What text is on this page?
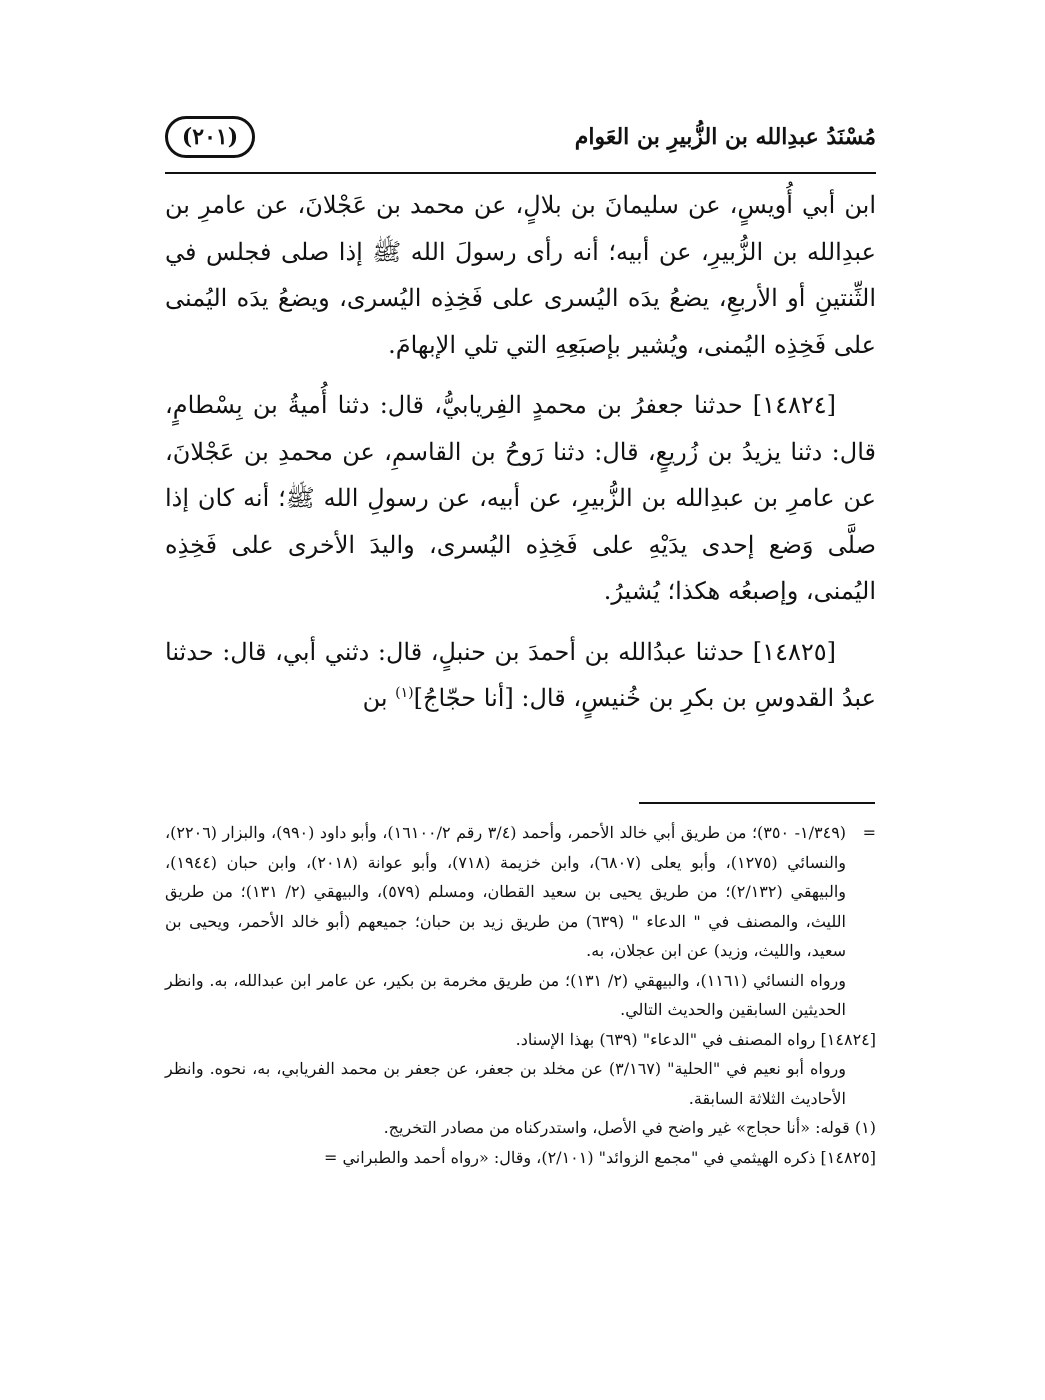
مُسْنَدُ عبدِالله بن الزُّبيرِ بن العَوام
(٢٠١)

ابن أبي أُويسٍ، عن سليمانَ بن بلالٍ، عن محمد بن عَجْلانَ، عن عامرِ بن عبدِالله بن الزُّبيرِ، عن أبيه؛ أنه رأى رسولَ الله ﷺ إذا صلى فجلس في الثِّنتينِ أو الأربعِ، يضعُ يدَه اليُسرى على فَخِذِه اليُسرى، ويضعُ يدَه اليُمنى على فَخِذِه اليُمنى، ويُشير بإصبَعِهِ التي تلي الإبهامَ.

[١٤٨٢٤] حدثنا جعفرُ بن محمدٍ الفِريابيُّ، قال: دثنا أُميةُ بن بِسْطامٍ، قال: دثنا يزيدُ بن زُريعٍ، قال: دثنا رَوحُ بن القاسمِ، عن محمدِ بن عَجْلانَ، عن عامرِ بن عبدِالله بن الزُّبيرِ، عن أبيه، عن رسولِ الله ﷺ؛ أنه كان إذا صلَّى وَضع إحدى يدَيْهِ على فَخِذِه اليُسرى، واليدَ الأخرى على فَخِذِه اليُمنى، وإصبعُه هكذا؛ يُشيرُ.

[١٤٨٢٥] حدثنا عبدُالله بن أحمدَ بن حنبلٍ، قال: دثني أبي، قال: حدثنا عبدُ القدوسِ بن بكرِ بن خُنيسٍ، قال: [أنا حجّاجُ]$^{(١)}$ بن

=
(١/٣٤٩- ٣٥٠)؛ من طريق أبي خالد الأحمر، وأحمد (٣/٤ رقم ١٦١٠٠/٢)، وأبو داود (٩٩٠)، والبزار (٢٢٠٦)، والنسائي (١٢٧٥)، وأبو يعلى (٦٨٠٧)، وابن خزيمة (٧١٨)، وأبو عوانة (٢٠١٨)، وابن حبان (١٩٤٤)، والبيهقي (٢/١٣٢)؛ من طريق يحيى بن سعيد القطان، ومسلم (٥٧٩)، والبيهقي (٢/ ١٣١)؛ من طريق الليث، والمصنف في " الدعاء " (٦٣٩) من طريق زيد بن حبان؛ جميعهم (أبو خالد الأحمر، ويحيى بن سعيد، والليث، وزيد) عن ابن عجلان، به.

ورواه النسائي (١١٦١)، والبيهقي (٢/ ١٣١)؛ من طريق مخرمة بن بكير، عن عامر ابن عبدالله، به. وانظر الحديثين السابقين والحديث التالي.

[١٤٨٢٤] رواه المصنف في "الدعاء" (٦٣٩) بهذا الإسناد.

ورواه أبو نعيم في "الحلية" (٣/١٦٧) عن مخلد بن جعفر، عن جعفر بن محمد الفريابي، به، نحوه. وانظر الأحاديث الثلاثة السابقة.

(١) قوله: «أنا حجاج» غير واضح في الأصل، واستدركناه من مصادر التخريج.

[١٤٨٢٥] ذكره الهيثمي في "مجمع الزوائد" (٢/١٠١)، وقال: «رواه أحمد والطبراني =
